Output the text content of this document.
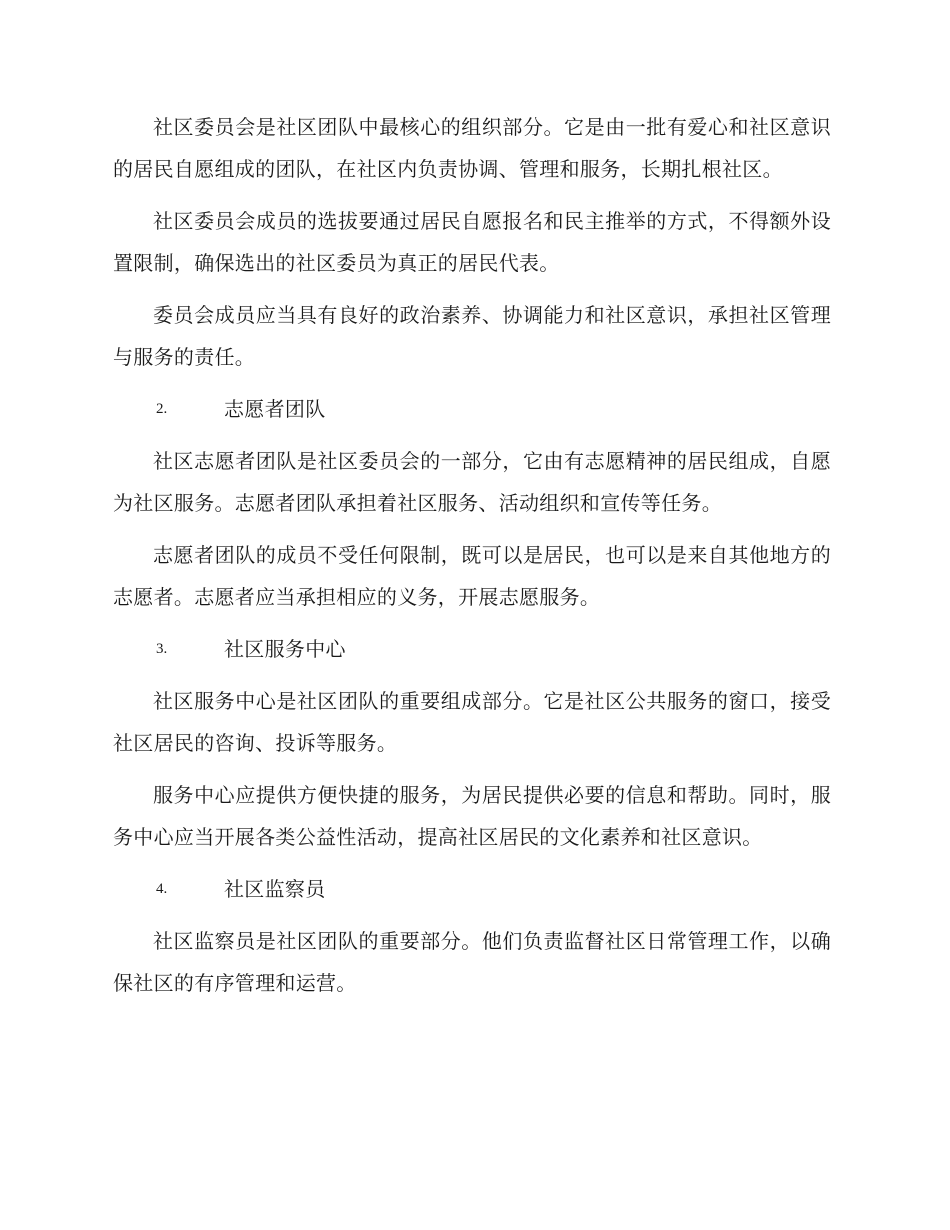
社区委员会是社区团队中最核心的组织部分。它是由一批有爱心和社区意识的居民自愿组成的团队，在社区内负责协调、管理和服务，长期扎根社区。

社区委员会成员的选拔要通过居民自愿报名和民主推举的方式，不得额外设置限制，确保选出的社区委员为真正的居民代表。

委员会成员应当具有良好的政治素养、协调能力和社区意识，承担社区管理与服务的责任。

2.	志愿者团队

社区志愿者团队是社区委员会的一部分，它由有志愿精神的居民组成，自愿为社区服务。志愿者团队承担着社区服务、活动组织和宣传等任务。

志愿者团队的成员不受任何限制，既可以是居民，也可以是来自其他地方的志愿者。志愿者应当承担相应的义务，开展志愿服务。

3.	社区服务中心

社区服务中心是社区团队的重要组成部分。它是社区公共服务的窗口，接受社区居民的咨询、投诉等服务。

服务中心应提供方便快捷的服务，为居民提供必要的信息和帮助。同时，服务中心应当开展各类公益性活动，提高社区居民的文化素养和社区意识。

4.	社区监察员

社区监察员是社区团队的重要部分。他们负责监督社区日常管理工作，以确保社区的有序管理和运营。
